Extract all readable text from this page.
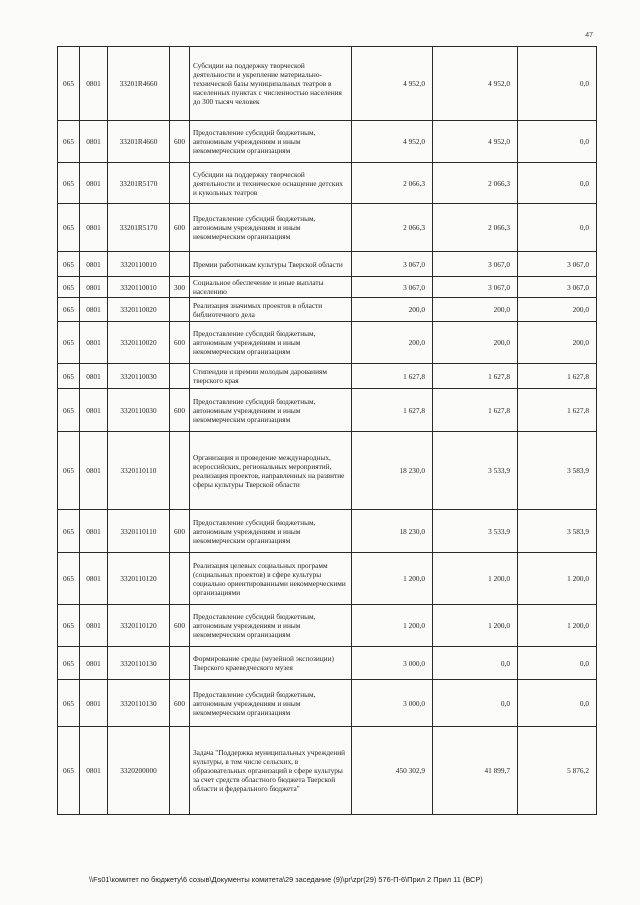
47
065	0801	33201R4660		Субсидии на поддержку творческой деятельности и укрепление материально-технической базы муниципальных театров в населенных пунктах с численностью населения до 300 тысяч человек	4 952,0	4 952,0	0,0
065	0801	33201R4660	600	Предоставление субсидий бюджетным, автономным учреждениям и иным некоммерческим организациям	4 952,0	4 952,0	0,0
065	0801	33201R5170		Субсидии на поддержку творческой деятельности и техническое оснащение детских и кукольных театров	2 066,3	2 066,3	0,0
065	0801	33201R5170	600	Предоставление субсидий бюджетным, автономным учреждениям и иным некоммерческим организациям	2 066,3	2 066,3	0,0
065	0801	3320110010		Премии работникам культуры Тверской области	3 067,0	3 067,0	3 067,0
065	0801	3320110010	300	Социальное обеспечение и иные выплаты населению	3 067,0	3 067,0	3 067,0
065	0801	3320110020		Реализация значимых проектов в области библиотечного дела	200,0	200,0	200,0
065	0801	3320110020	600	Предоставление субсидий бюджетным, автономным учреждениям и иным некоммерческим организациям	200,0	200,0	200,0
065	0801	3320110030		Стипендии и премии молодым дарованиям тверского края	1 627,8	1 627,8	1 627,8
065	0801	3320110030	600	Предоставление субсидий бюджетным, автономным учреждениям и иным некоммерческим организациям	1 627,8	1 627,8	1 627,8
065	0801	3320110110		Организация и проведение международных, всероссийских, региональных мероприятий, реализация проектов, направленных на развитие сферы культуры Тверской области	18 230,0	3 533,9	3 583,9
065	0801	3320110110	600	Предоставление субсидий бюджетным, автономным учреждениям и иным некоммерческим организациям	18 230,0	3 533,9	3 583,9
065	0801	3320110120		Реализация целевых социальных программ (социальных проектов) в сфере культуры социально ориентированными некоммерческими организациями	1 200,0	1 200,0	1 200,0
065	0801	3320110120	600	Предоставление субсидий бюджетным, автономным учреждениям и иным некоммерческим организациям	1 200,0	1 200,0	1 200,0
065	0801	3320110130		Формирование среды (музейной экспозиции) Тверского краеведческого музея	3 000,0	0,0	0,0
065	0801	3320110130	600	Предоставление субсидий бюджетным, автономным учреждениям и иным некоммерческим организациям	3 000,0	0,0	0,0
065	0801	3320200000		Задача "Поддержка муниципальных учреждений культуры, в том числе сельских, в образовательных организаций в сфере культуры за счет средств областного бюджета Тверской области и федерального бюджета"	450 302,9	41 899,7	5 876,2
\\Fs01\комитет по бюджету\6 созыв\Документы комитета\29 заседание (9)\pr\zpr(29) 576-П-6\Прил 2 Прил 11 (ВСР)
